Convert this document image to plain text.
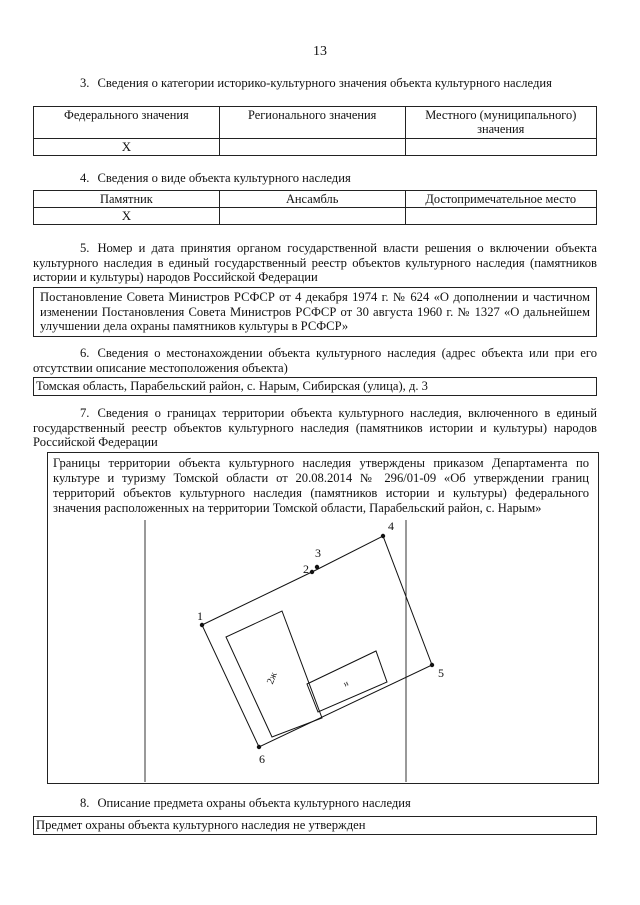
13
3. Сведения о категории историко-культурного значения объекта культурного наследия
Федерального значения	Регионального значения	Местного (муниципального) значения
X		
4. Сведения о виде объекта культурного наследия
Памятник	Ансамбль	Достопримечательное место
X		
5. Номер и дата принятия органом государственной власти решения о включении объекта культурного наследия в единый государственный реестр объектов культурного наследия (памятников истории и культуры) народов Российской Федерации
Постановление Совета Министров РСФСР от 4 декабря 1974 г. № 624 «О дополнении и частичном изменении Постановления Совета Министров РСФСР от 30 августа 1960 г. № 1327 «О дальнейшем улучшении дела охраны памятников культуры в РСФСР»
6. Сведения о местонахождении объекта культурного наследия (адрес объекта или при его отсутствии описание местоположения объекта)
Томская область, Парабельский район, с. Нарым, Сибирская (улица), д. 3
7. Сведения о границах территории объекта культурного наследия, включенного в единый государственный реестр объектов культурного наследия (памятников истории и культуры) народов Российской Федерации
Границы территории объекта культурного наследия утверждены приказом Департамента по культуре и туризму Томской области от 20.08.2014 № 296/01-09 «Об утверждении границ территорий объектов культурного наследия (памятников истории и культуры) федерального значения расположенных на территории Томской области, Парабельский район, с. Нарым»
1
2
3
4
5
6
2ж	н
8. Описание предмета охраны объекта культурного наследия
Предмет охраны объекта культурного наследия не утвержден
